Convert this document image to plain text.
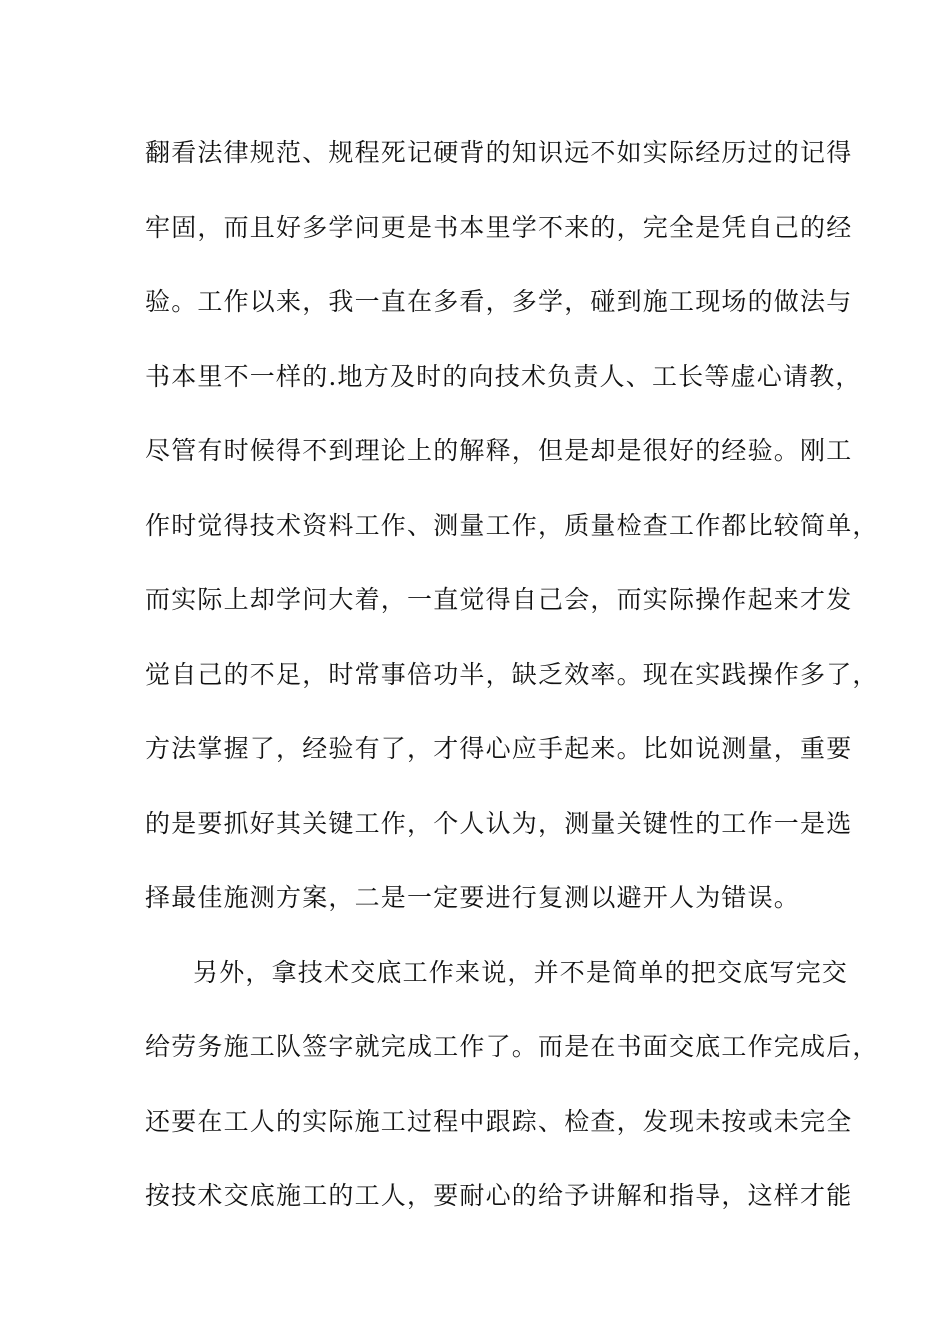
翻看法律规范、规程死记硬背的知识远不如实际经历过的记得
牢固，而且好多学问更是书本里学不来的，完全是凭自己的经
验。工作以来，我一直在多看，多学，碰到施工现场的做法与
书本里不一样的.地方及时的向技术负责人、工长等虚心请教，
尽管有时候得不到理论上的解释，但是却是很好的经验。刚工
作时觉得技术资料工作、测量工作，质量检查工作都比较简单，
而实际上却学问大着，一直觉得自己会，而实际操作起来才发
觉自己的不足，时常事倍功半，缺乏效率。现在实践操作多了，
方法掌握了，经验有了，才得心应手起来。比如说测量，重要
的是要抓好其关键工作，个人认为，测量关键性的工作一是选
择最佳施测方案，二是一定要进行复测以避开人为错误。
另外，拿技术交底工作来说，并不是简单的把交底写完交
给劳务施工队签字就完成工作了。而是在书面交底工作完成后，
还要在工人的实际施工过程中跟踪、检查，发现未按或未完全
按技术交底施工的工人，要耐心的给予讲解和指导，这样才能
